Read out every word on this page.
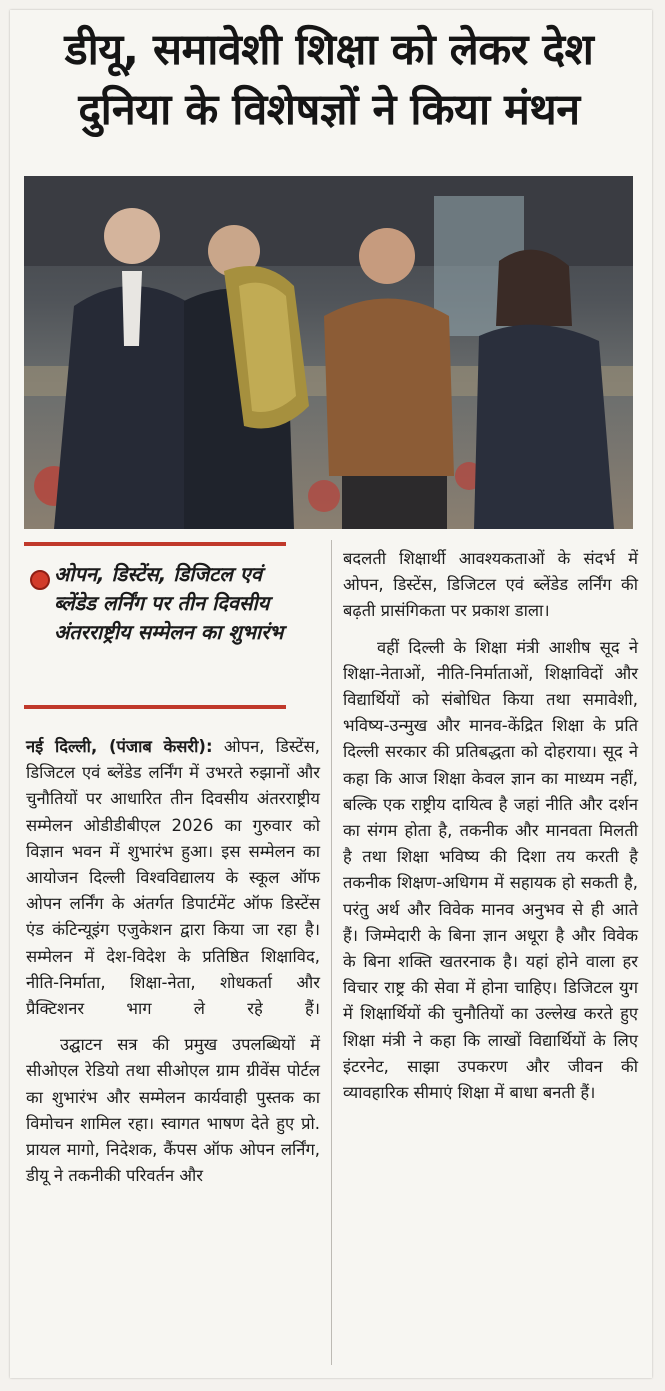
डीयू, समावेशी शिक्षा को लेकर देश
दुनिया के विशेषज्ञों ने किया मंथन
ओपन, डिस्टेंस, डिजिटल एवं ब्लेंडेड लर्निंग पर तीन दिवसीय अंतरराष्ट्रीय सम्मेलन का शुभारंभ

नई दिल्ली, (पंजाब केसरी): ओपन, डिस्टेंस, डिजिटल एवं ब्लेंडेड लर्निंग में उभरते रुझानों और चुनौतियों पर आधारित तीन दिवसीय अंतरराष्ट्रीय सम्मेलन ओडीडीबीएल 2026 का गुरुवार को विज्ञान भवन में शुभारंभ हुआ। इस सम्मेलन का आयोजन दिल्ली विश्वविद्यालय के स्कूल ऑफ ओपन लर्निंग के अंतर्गत डिपार्टमेंट ऑफ डिस्टेंस एंड कंटिन्यूइंग एजुकेशन द्वारा किया जा रहा है। सम्मेलन में देश-विदेश के प्रतिष्ठित शिक्षाविद, नीति-निर्माता, शिक्षा-नेता, शोधकर्ता और प्रैक्टिशनर भाग ले रहे हैं।

उद्घाटन सत्र की प्रमुख उपलब्धियों में सीओएल रेडियो तथा सीओएल ग्राम ग्रीवेंस पोर्टल का शुभारंभ और सम्मेलन कार्यवाही पुस्तक का विमोचन शामिल रहा। स्वागत भाषण देते हुए प्रो. प्रायल मागो, निदेशक, कैंपस ऑफ ओपन लर्निंग, डीयू ने तकनीकी परिवर्तन और

बदलती शिक्षार्थी आवश्यकताओं के संदर्भ में ओपन, डिस्टेंस, डिजिटल एवं ब्लेंडेड लर्निंग की बढ़ती प्रासंगिकता पर प्रकाश डाला।

वहीं दिल्ली के शिक्षा मंत्री आशीष सूद ने शिक्षा-नेताओं, नीति-निर्माताओं, शिक्षाविदों और विद्यार्थियों को संबोधित किया तथा समावेशी, भविष्य-उन्मुख और मानव-केंद्रित शिक्षा के प्रति दिल्ली सरकार की प्रतिबद्धता को दोहराया। सूद ने कहा कि आज शिक्षा केवल ज्ञान का माध्यम नहीं, बल्कि एक राष्ट्रीय दायित्व है जहां नीति और दर्शन का संगम होता है, तकनीक और मानवता मिलती है तथा शिक्षा भविष्य की दिशा तय करती है तकनीक शिक्षण-अधिगम में सहायक हो सकती है, परंतु अर्थ और विवेक मानव अनुभव से ही आते हैं। जिम्मेदारी के बिना ज्ञान अधूरा है और विवेक के बिना शक्ति खतरनाक है। यहां होने वाला हर विचार राष्ट्र की सेवा में होना चाहिए। डिजिटल युग में शिक्षार्थियों की चुनौतियों का उल्लेख करते हुए शिक्षा मंत्री ने कहा कि लाखों विद्यार्थियों के लिए इंटरनेट, साझा उपकरण और जीवन की व्यावहारिक सीमाएं शिक्षा में बाधा बनती हैं।
